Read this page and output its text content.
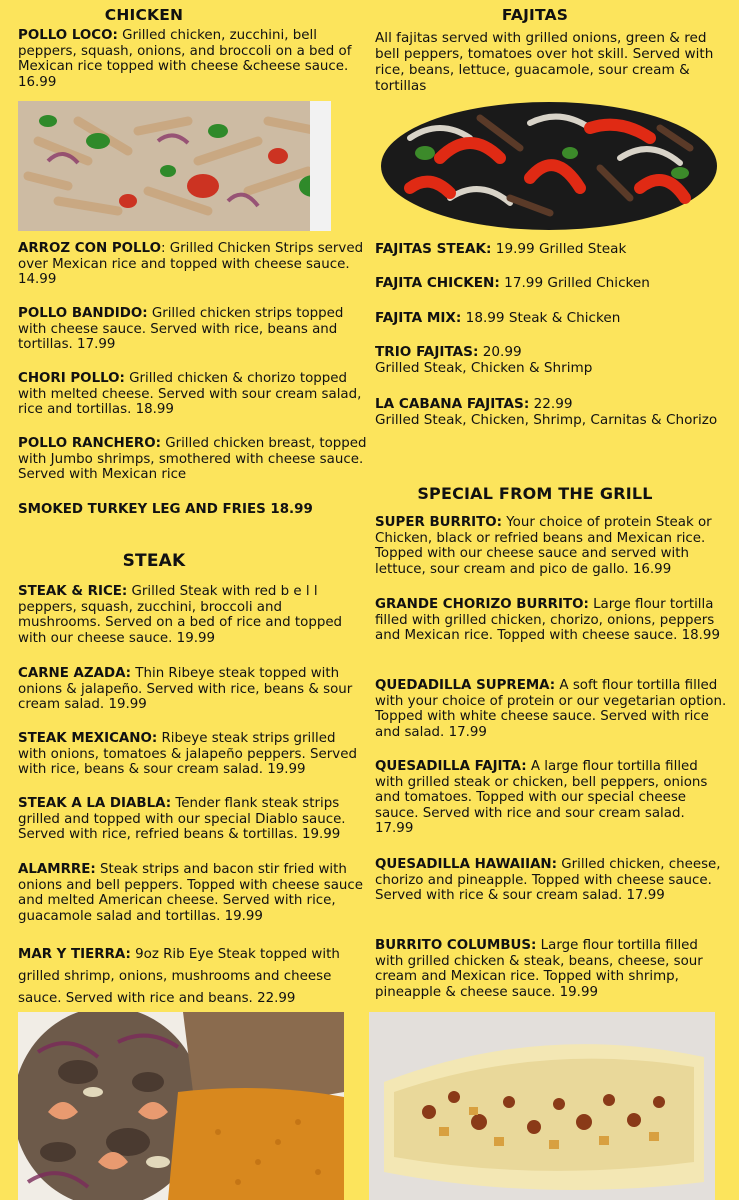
CHICKEN
POLLO LOCO: Grilled chicken, zucchini, bell peppers, squash, onions, and broccoli on a bed of Mexican rice topped with cheese &cheese sauce. 16.99
ARROZ CON POLLO: Grilled Chicken Strips served over Mexican rice and topped with cheese sauce. 14.99
POLLO BANDIDO: Grilled chicken strips topped with cheese sauce. Served with rice, beans and tortillas. 17.99
CHORI POLLO: Grilled chicken & chorizo topped with melted cheese. Served with sour cream salad, rice and tortillas. 18.99
POLLO RANCHERO: Grilled chicken breast, topped with Jumbo shrimps, smothered with cheese sauce. Served with Mexican rice
SMOKED TURKEY LEG AND FRIES 18.99
STEAK
STEAK & RICE: Grilled Steak with red b e l l peppers, squash, zucchini, broccoli and mushrooms. Served on a bed of rice and topped with our cheese sauce. 19.99
CARNE AZADA: Thin Ribeye steak topped with onions & jalapeño. Served with rice, beans & sour cream salad. 19.99
STEAK MEXICANO: Ribeye steak strips grilled with onions, tomatoes & jalapeño peppers. Served with rice, beans & sour cream salad. 19.99
STEAK A LA DIABLA: Tender flank steak strips grilled and topped with our special Diablo sauce. Served with rice, refried beans & tortillas. 19.99
ALAMRRE: Steak strips and bacon stir fried with onions and bell peppers. Topped with cheese sauce and melted American cheese. Served with rice, guacamole salad and tortillas. 19.99
MAR Y TIERRA: 9oz Rib Eye Steak topped with grilled shrimp, onions, mushrooms and cheese sauce. Served with rice and beans. 22.99
FAJITAS
All fajitas served with grilled onions, green & red bell peppers, tomatoes over hot skill. Served with rice, beans, lettuce, guacamole, sour cream & tortillas
FAJITAS STEAK: 19.99 Grilled Steak
FAJITA CHICKEN: 17.99 Grilled Chicken
FAJITA MIX: 18.99 Steak & Chicken
TRIO FAJITAS: 20.99
Grilled Steak, Chicken & Shrimp
LA CABANA FAJITAS: 22.99
Grilled Steak, Chicken, Shrimp, Carnitas & Chorizo
SPECIAL FROM THE GRILL
SUPER BURRITO: Your choice of protein Steak or Chicken, black or refried beans and Mexican rice. Topped with our cheese sauce and served with lettuce, sour cream and pico de gallo. 16.99
GRANDE CHORIZO BURRITO: Large flour tortilla filled with grilled chicken, chorizo, onions, peppers and Mexican rice. Topped with cheese sauce. 18.99
QUEDADILLA SUPREMA: A soft flour tortilla filled with your choice of protein or our vegetarian option. Topped with white cheese sauce. Served with rice and salad. 17.99
QUESADILLA FAJITA: A large flour tortilla filled with grilled steak or chicken, bell peppers, onions and tomatoes. Topped with our special cheese sauce. Served with rice and sour cream salad. 17.99
QUESADILLA HAWAIIAN: Grilled chicken, cheese, chorizo and pineapple. Topped with cheese sauce. Served with rice & sour cream salad. 17.99
BURRITO COLUMBUS: Large flour tortilla filled with grilled chicken & steak, beans, cheese, sour cream and Mexican rice. Topped with shrimp, pineapple & cheese sauce. 19.99
